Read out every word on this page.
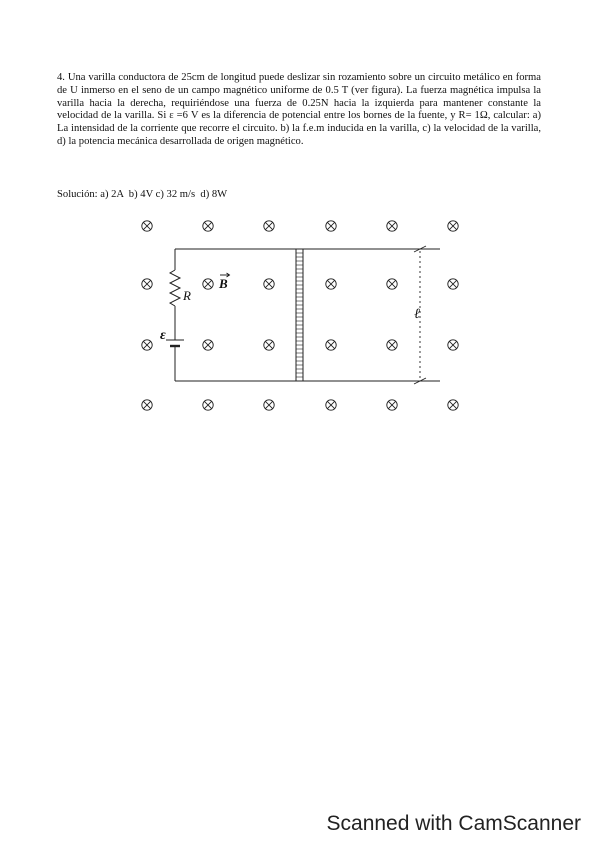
4. Una varilla conductora de 25cm de longitud puede deslizar sin rozamiento sobre un circuito metálico en forma de U inmerso en el seno de un campo magnético uniforme de 0.5 T (ver figura). La fuerza magnética impulsa la varilla hacia la derecha, requiriéndose una fuerza de 0.25N hacia la izquierda para mantener constante la velocidad de la varilla. Si ε =6 V es la diferencia de potencial entre los bornes de la fuente, y R= 1Ω, calcular: a) La intensidad de la corriente que recorre el circuito. b) la f.e.m inducida en la varilla, c) la velocidad de la varilla, d) la potencia mecánica desarrollada de origen magnético.
Solución: a) 2A  b) 4V c) 32 m/s  d) 8W
R
B
ε
ℓ
Scanned with CamScanner
